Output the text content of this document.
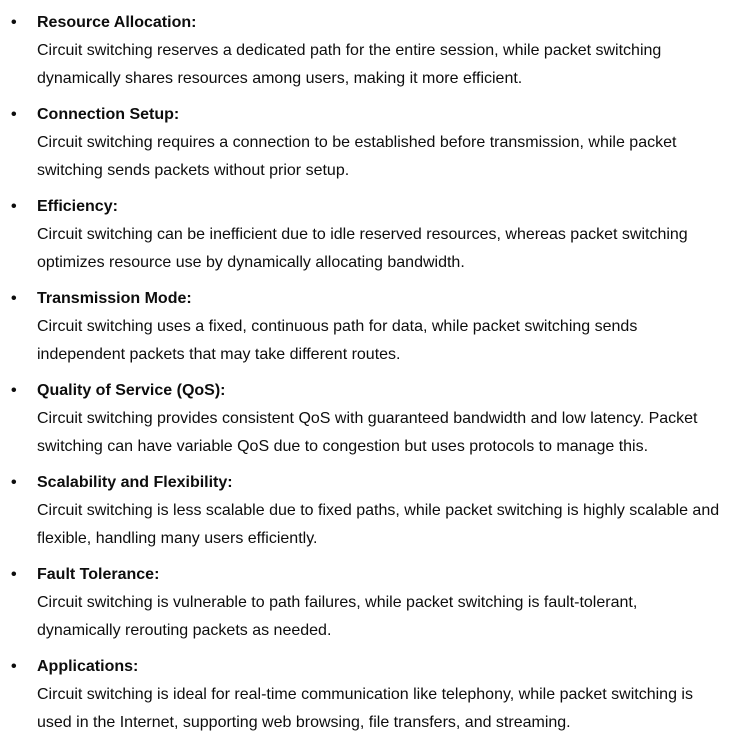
• Resource Allocation:
Circuit switching reserves a dedicated path for the entire session, while packet switching dynamically shares resources among users, making it more efficient.
• Connection Setup:
Circuit switching requires a connection to be established before transmission, while packet switching sends packets without prior setup.
• Efficiency:
Circuit switching can be inefficient due to idle reserved resources, whereas packet switching optimizes resource use by dynamically allocating bandwidth.
• Transmission Mode:
Circuit switching uses a fixed, continuous path for data, while packet switching sends independent packets that may take different routes.
• Quality of Service (QoS):
Circuit switching provides consistent QoS with guaranteed bandwidth and low latency. Packet switching can have variable QoS due to congestion but uses protocols to manage this.
• Scalability and Flexibility:
Circuit switching is less scalable due to fixed paths, while packet switching is highly scalable and flexible, handling many users efficiently.
• Fault Tolerance:
Circuit switching is vulnerable to path failures, while packet switching is fault-tolerant, dynamically rerouting packets as needed.
• Applications:
Circuit switching is ideal for real-time communication like telephony, while packet switching is used in the Internet, supporting web browsing, file transfers, and streaming.
